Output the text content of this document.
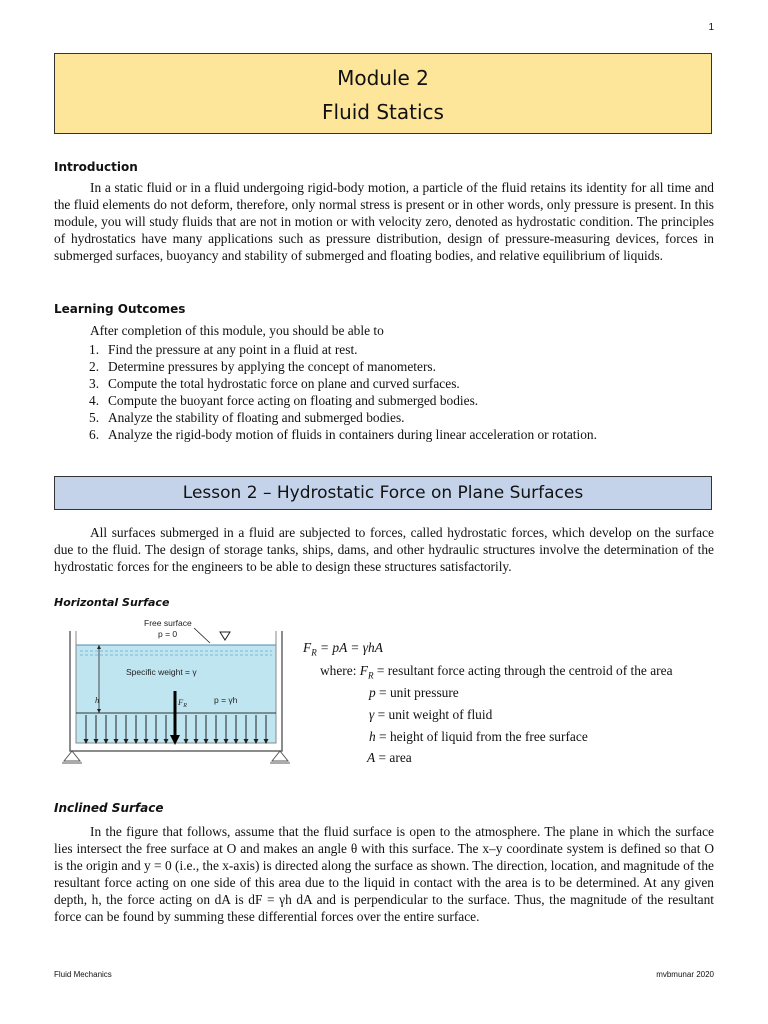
1
Module 2
Fluid Statics
Introduction
In a static fluid or in a fluid undergoing rigid-body motion, a particle of the fluid retains its identity for all time and the fluid elements do not deform, therefore, only normal stress is present or in other words, only pressure is present. In this module, you will study fluids that are not in motion or with velocity zero, denoted as hydrostatic condition. The principles of hydrostatics have many applications such as pressure distribution, design of pressure-measuring devices, forces in submerged surfaces, buoyancy and stability of submerged and floating bodies, and relative equilibrium of liquids.
Learning Outcomes
After completion of this module, you should be able to
1. Find the pressure at any point in a fluid at rest.
2. Determine pressures by applying the concept of manometers.
3. Compute the total hydrostatic force on plane and curved surfaces.
4. Compute the buoyant force acting on floating and submerged bodies.
5. Analyze the stability of floating and submerged bodies.
6. Analyze the rigid-body motion of fluids in containers during linear acceleration or rotation.
Lesson 2 – Hydrostatic Force on Plane Surfaces
All surfaces submerged in a fluid are subjected to forces, called hydrostatic forces, which develop on the surface due to the fluid. The design of storage tanks, ships, dams, and other hydraulic structures involve the determination of the hydrostatic forces for the engineers to be able to design these structures satisfactorily.
Horizontal Surface
Free surface
p = 0
Specific weight = γ
h	$F_R$
p = γh
$F_R$ = pA = γhA
where: $F_R$ = resultant force acting through the centroid of the area
p = unit pressure
γ = unit weight of fluid
h = height of liquid from the free surface
A = area
Inclined Surface
In the figure that follows, assume that the fluid surface is open to the atmosphere. The plane in which the surface lies intersect the free surface at O and makes an angle θ with this surface. The x–y coordinate system is defined so that O is the origin and y = 0 (i.e., the x-axis) is directed along the surface as shown. The direction, location, and magnitude of the resultant force acting on one side of this area due to the liquid in contact with the area is to be determined. At any given depth, h, the force acting on dA is dF = γh dA and is perpendicular to the surface. Thus, the magnitude of the resultant force can be found by summing these differential forces over the entire surface.
Fluid Mechanics	mvbmunar 2020
